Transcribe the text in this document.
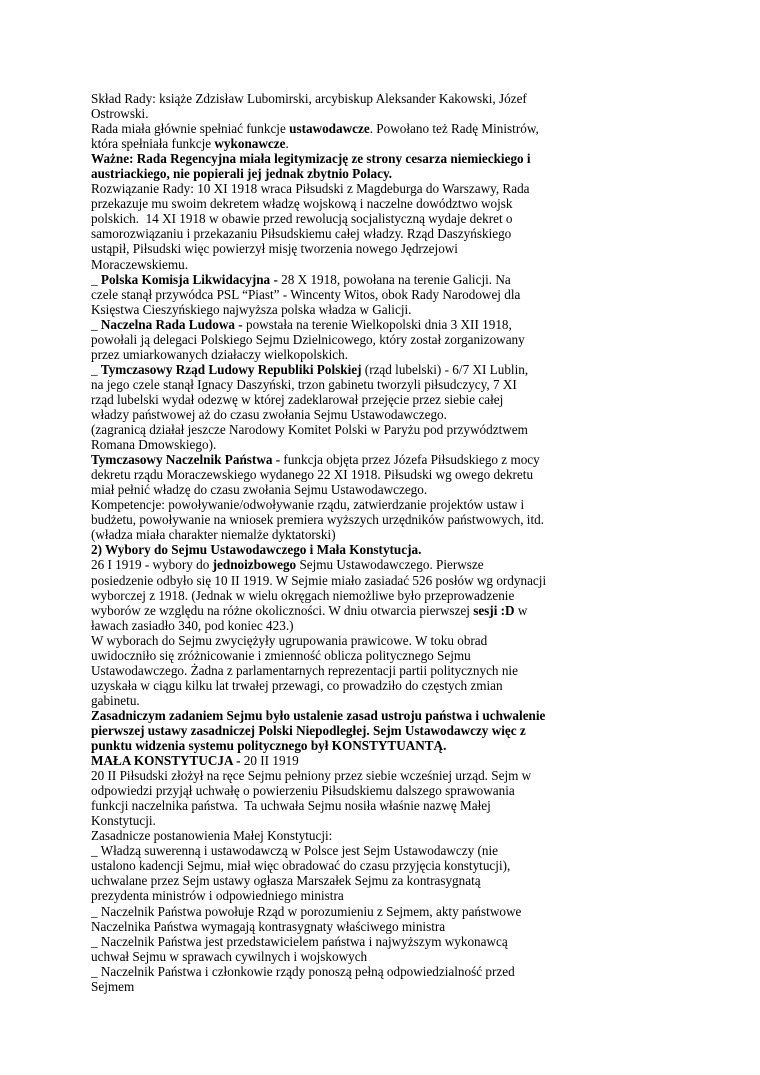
Skład Rady: książe Zdzisław Lubomirski, arcybiskup Aleksander Kakowski, Józef
Ostrowski.
Rada miała głównie spełniać funkcje ustawodawcze. Powołano też Radę Ministrów,
która spełniała funkcje wykonawcze.
Ważne: Rada Regencyjna miała legitymizację ze strony cesarza niemieckiego i
austriackiego, nie popierali jej jednak zbytnio Polacy.
Rozwiązanie Rady: 10 XI 1918 wraca Piłsudski z Magdeburga do Warszawy, Rada
przekazuje mu swoim dekretem władzę wojskową i naczelne dowództwo wojsk
polskich.  14 XI 1918 w obawie przed rewolucją socjalistyczną wydaje dekret o
samorozwiązaniu i przekazaniu Piłsudskiemu całej władzy. Rząd Daszyńskiego
ustąpił, Piłsudski więc powierzył misję tworzenia nowego Jędrzejowi
Moraczewskiemu.
_ Polska Komisja Likwidacyjna - 28 X 1918, powołana na terenie Galicji. Na
czele stanął przywódca PSL “Piast” - Wincenty Witos, obok Rady Narodowej dla
Księstwa Cieszyńskiego najwyższa polska władza w Galicji.
_ Naczelna Rada Ludowa - powstała na terenie Wielkopolski dnia 3 XII 1918,
powołali ją delegaci Polskiego Sejmu Dzielnicowego, który został zorganizowany
przez umiarkowanych działaczy wielkopolskich.
_ Tymczasowy Rząd Ludowy Republiki Polskiej (rząd lubelski) - 6/7 XI Lublin,
na jego czele stanął Ignacy Daszyński, trzon gabinetu tworzyli piłsudczycy, 7 XI
rząd lubelski wydał odezwę w której zadeklarował przejęcie przez siebie całej
władzy państwowej aż do czasu zwołania Sejmu Ustawodawczego.
(zagranicą działał jeszcze Narodowy Komitet Polski w Paryżu pod przywództwem
Romana Dmowskiego).
Tymczasowy Naczelnik Państwa - funkcja objęta przez Józefa Piłsudskiego z mocy
dekretu rządu Moraczewskiego wydanego 22 XI 1918. Piłsudski wg owego dekretu
miał pełnić władzę do czasu zwołania Sejmu Ustawodawczego.
Kompetencje: powoływanie/odwoływanie rządu, zatwierdzanie projektów ustaw i
budżetu, powoływanie na wniosek premiera wyższych urzędników państwowych, itd.
(władza miała charakter niemalże dyktatorski)
2) Wybory do Sejmu Ustawodawczego i Mała Konstytucja.
26 I 1919 - wybory do jednoizbowego Sejmu Ustawodawczego. Pierwsze
posiedzenie odbyło się 10 II 1919. W Sejmie miało zasiadać 526 posłów wg ordynacji
wyborczej z 1918. (Jednak w wielu okręgach niemożliwe było przeprowadzenie
wyborów ze względu na różne okoliczności. W dniu otwarcia pierwszej sesji :D w
ławach zasiadło 340, pod koniec 423.)
W wyborach do Sejmu zwyciężyły ugrupowania prawicowe. W toku obrad
uwidoczniło się zróżnicowanie i zmienność oblicza politycznego Sejmu
Ustawodawczego. Żadna z parlamentarnych reprezentacji partii politycznych nie
uzyskała w ciągu kilku lat trwałej przewagi, co prowadziło do częstych zmian
gabinetu.
Zasadniczym zadaniem Sejmu było ustalenie zasad ustroju państwa i uchwalenie
pierwszej ustawy zasadniczej Polski Niepodległej. Sejm Ustawodawczy więc z
punktu widzenia systemu politycznego był KONSTYTUANTĄ.
MAŁA KONSTYTUCJA - 20 II 1919
20 II Piłsudski złożył na ręce Sejmu pełniony przez siebie wcześniej urząd. Sejm w
odpowiedzi przyjął uchwałę o powierzeniu Piłsudskiemu dalszego sprawowania
funkcji naczelnika państwa.  Ta uchwała Sejmu nosiła właśnie nazwę Małej
Konstytucji.
Zasadnicze postanowienia Małej Konstytucji:
_ Władzą suwerenną i ustawodawczą w Polsce jest Sejm Ustawodawczy (nie
ustalono kadencji Sejmu, miał więc obradować do czasu przyjęcia konstytucji),
uchwalane przez Sejm ustawy ogłasza Marszałek Sejmu za kontrasygnatą
prezydenta ministrów i odpowiedniego ministra
_ Naczelnik Państwa powołuje Rząd w porozumieniu z Sejmem, akty państwowe
Naczelnika Państwa wymagają kontrasygnaty właściwego ministra
_ Naczelnik Państwa jest przedstawicielem państwa i najwyższym wykonawcą
uchwał Sejmu w sprawach cywilnych i wojskowych
_ Naczelnik Państwa i członkowie rządy ponoszą pełną odpowiedzialność przed
Sejmem
